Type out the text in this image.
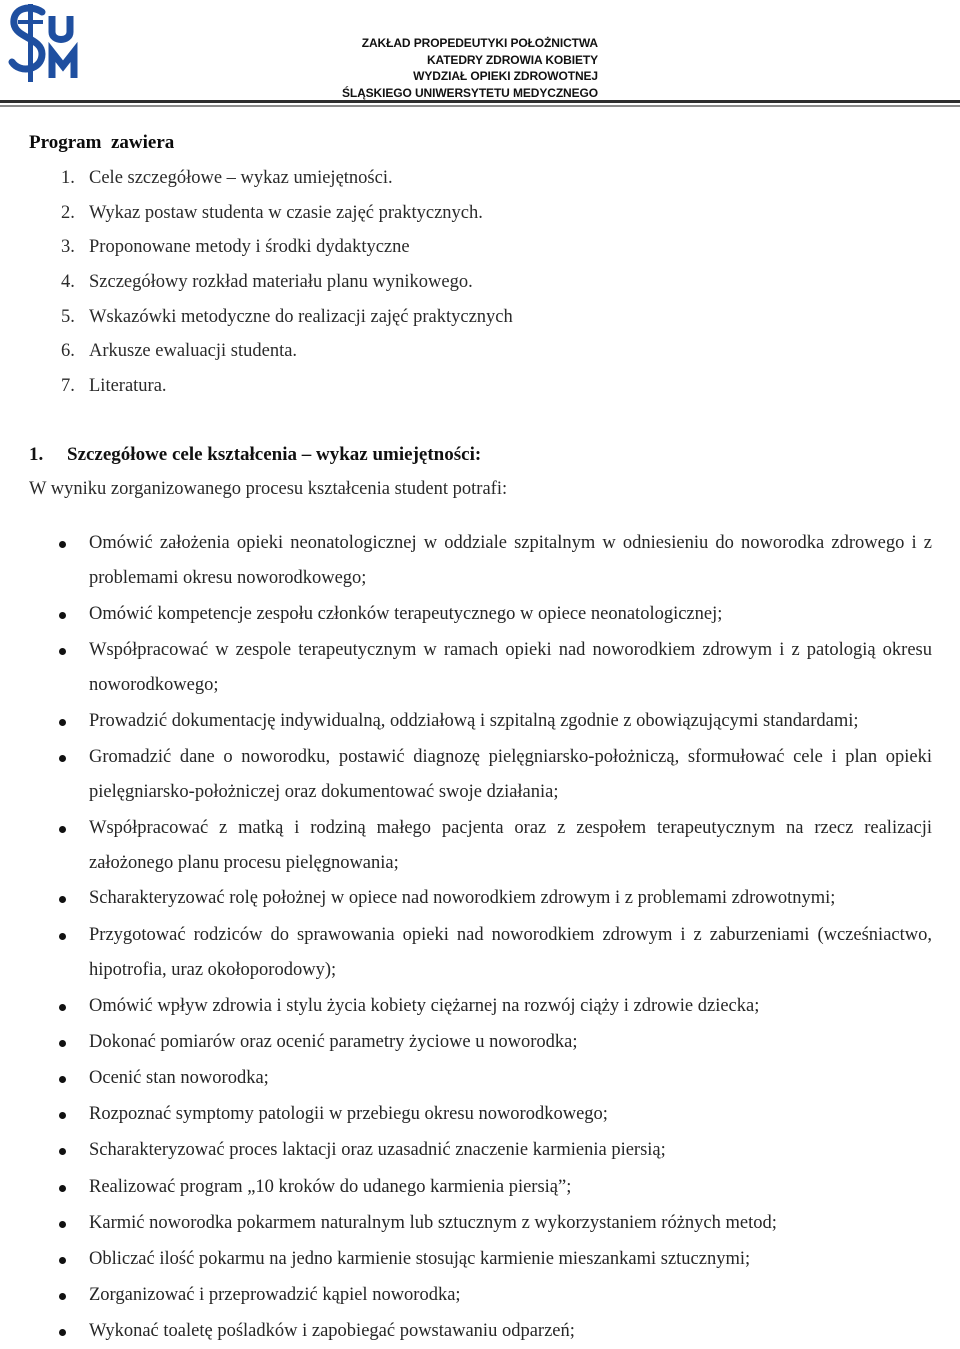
SUM
ZAKŁAD PROPEDEUTYKI POŁOŻNICTWA
KATEDRY ZDROWIA KOBIETY
WYDZIAŁ OPIEKI ZDROWOTNEJ
ŚLĄSKIEGO UNIWERSYTETU MEDYCZNEGO
Program  zawiera
1. Cele szczegółowe – wykaz umiejętności.
2. Wykaz postaw studenta w czasie zajęć praktycznych.
3. Proponowane metody i środki dydaktyczne
4. Szczegółowy rozkład materiału planu wynikowego.
5. Wskazówki metodyczne do realizacji zajęć praktycznych
6. Arkusze ewaluacji studenta.
7. Literatura.
1. Szczegółowe cele kształcenia – wykaz umiejętności:
W wyniku zorganizowanego procesu kształcenia student potrafi:
Omówić założenia opieki neonatologicznej w oddziale szpitalnym w odniesieniu do noworodka zdrowego i z problemami okresu noworodkowego;
Omówić kompetencje zespołu członków terapeutycznego w opiece neonatologicznej;
Współpracować w zespole terapeutycznym w ramach opieki nad noworodkiem zdrowym i z patologią okresu noworodkowego;
Prowadzić dokumentację indywidualną, oddziałową i szpitalną zgodnie z obowiązującymi standardami;
Gromadzić dane o noworodku, postawić diagnozę pielęgniarsko-położniczą, sformułować cele i plan opieki pielęgniarsko-położniczej oraz dokumentować swoje działania;
Współpracować z matką i rodziną małego pacjenta oraz z zespołem terapeutycznym na rzecz realizacji założonego planu procesu pielęgnowania;
Scharakteryzować rolę położnej w opiece nad noworodkiem zdrowym i z problemami zdrowotnymi;
Przygotować rodziców do sprawowania opieki nad noworodkiem zdrowym i z zaburzeniami (wcześniactwo, hipotrofia, uraz okołoporodowy);
Omówić wpływ zdrowia i stylu życia kobiety ciężarnej na rozwój ciąży i zdrowie dziecka;
Dokonać pomiarów oraz ocenić parametry życiowe u noworodka;
Ocenić stan noworodka;
Rozpoznać symptomy patologii w przebiegu okresu noworodkowego;
Scharakteryzować proces laktacji oraz uzasadnić znaczenie karmienia piersią;
Realizować program „10 kroków do udanego karmienia piersią”;
Karmić noworodka pokarmem naturalnym lub sztucznym z wykorzystaniem różnych metod;
Obliczać ilość pokarmu na jedno karmienie stosując karmienie mieszankami sztucznymi;
Zorganizować i przeprowadzić kąpiel noworodka;
Wykonać toaletę pośladków i zapobiegać powstawaniu odparzeń;
